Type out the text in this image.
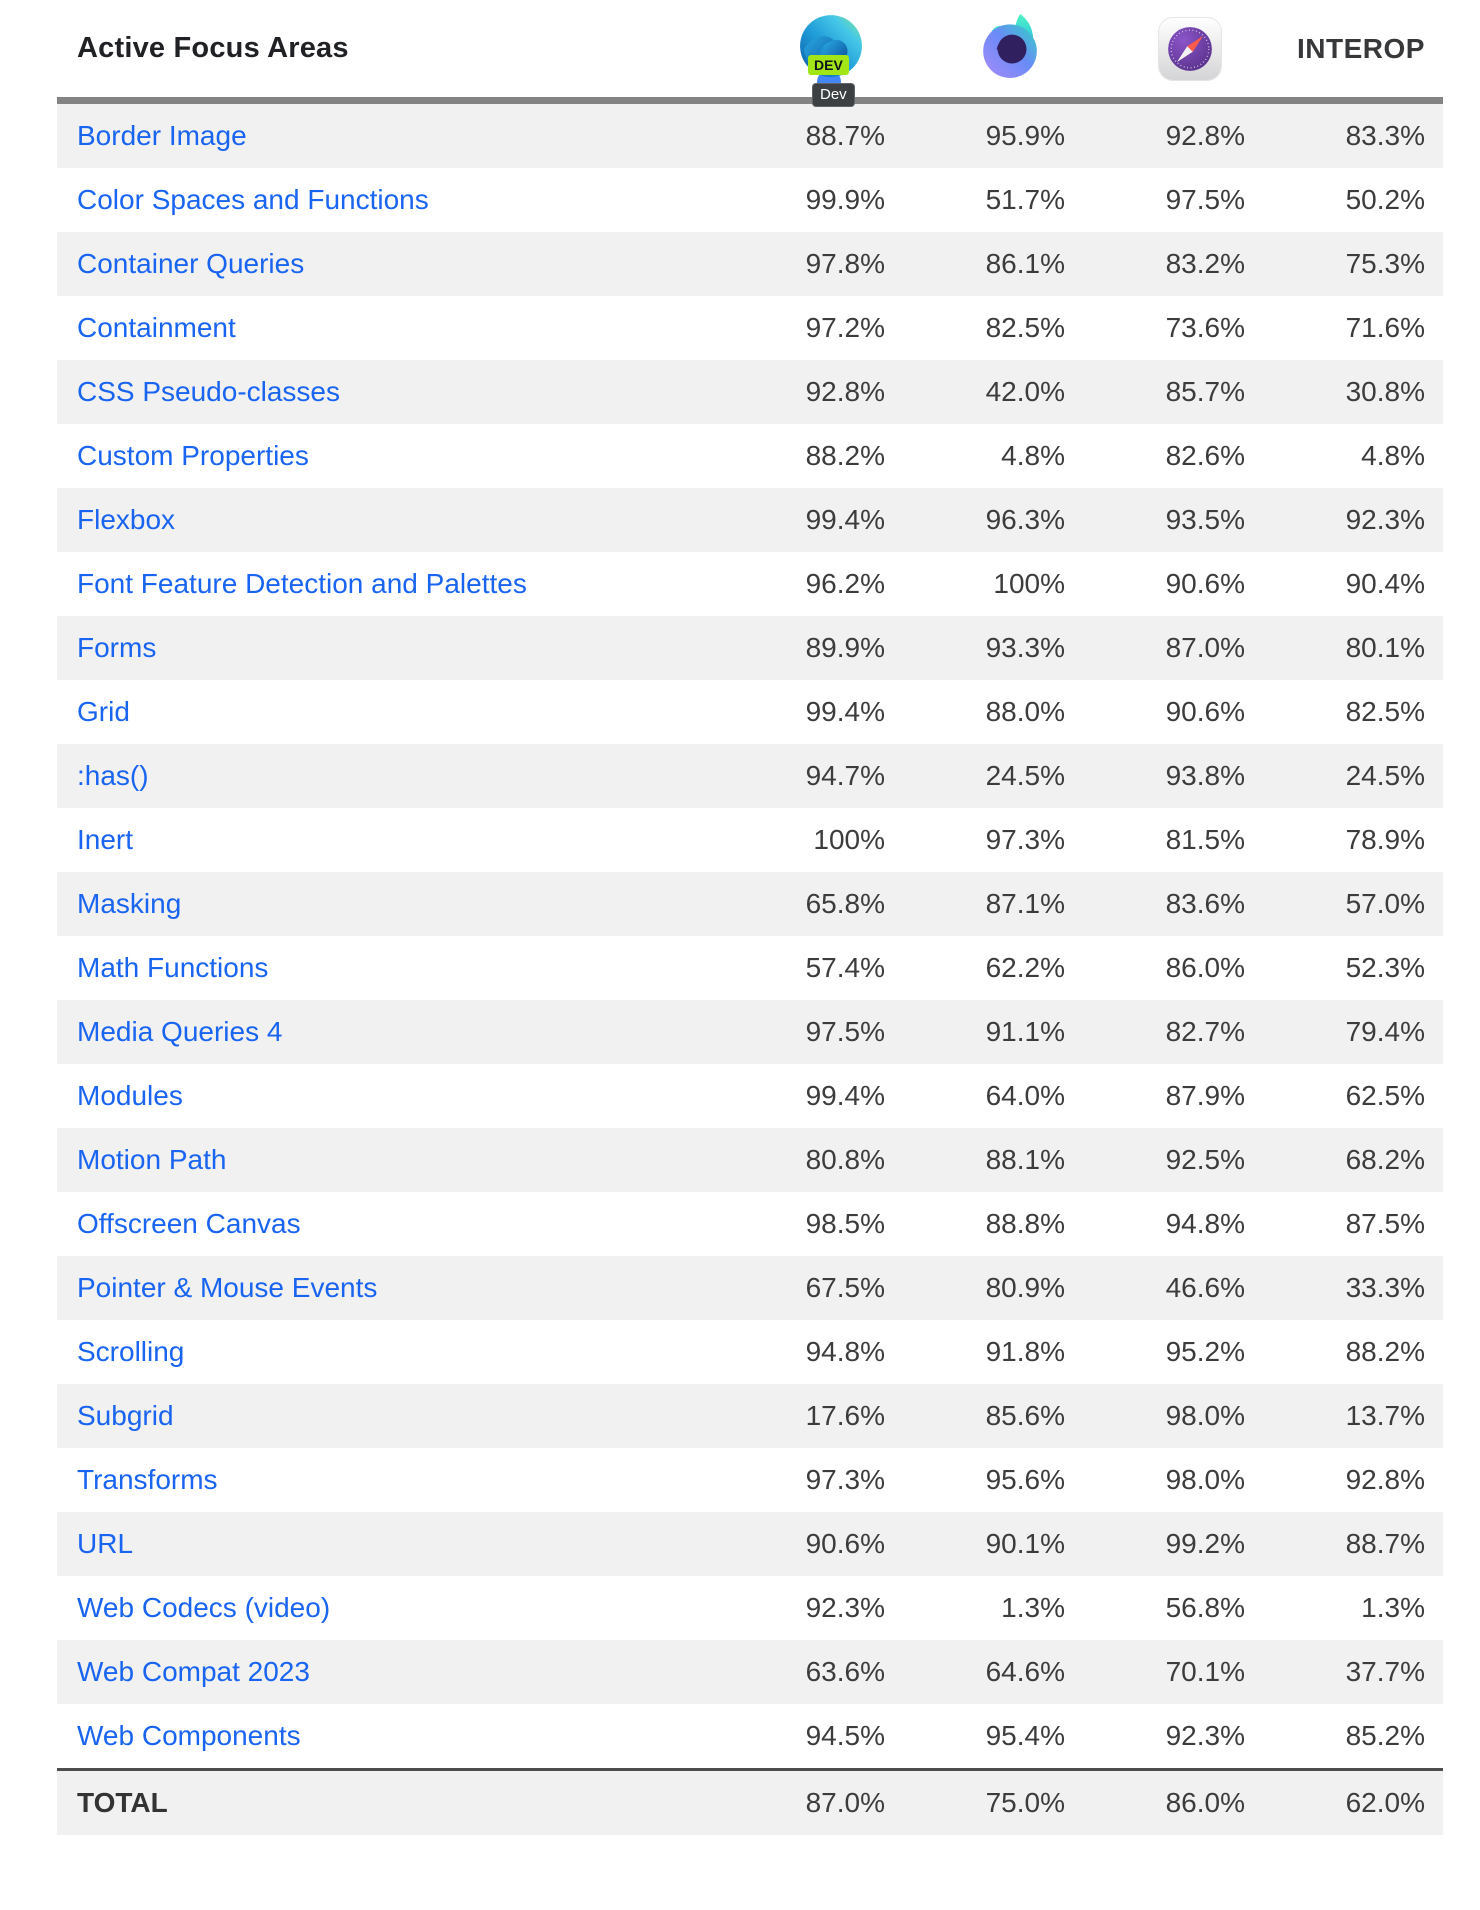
Active Focus Areas
Dev
DEV
INTEROP
Border Image	88.7%	95.9%	92.8%	83.3%
Color Spaces and Functions	99.9%	51.7%	97.5%	50.2%
Container Queries	97.8%	86.1%	83.2%	75.3%
Containment	97.2%	82.5%	73.6%	71.6%
CSS Pseudo-classes	92.8%	42.0%	85.7%	30.8%
Custom Properties	88.2%	4.8%	82.6%	4.8%
Flexbox	99.4%	96.3%	93.5%	92.3%
Font Feature Detection and Palettes	96.2%	100%	90.6%	90.4%
Forms	89.9%	93.3%	87.0%	80.1%
Grid	99.4%	88.0%	90.6%	82.5%
:has()	94.7%	24.5%	93.8%	24.5%
Inert	100%	97.3%	81.5%	78.9%
Masking	65.8%	87.1%	83.6%	57.0%
Math Functions	57.4%	62.2%	86.0%	52.3%
Media Queries 4	97.5%	91.1%	82.7%	79.4%
Modules	99.4%	64.0%	87.9%	62.5%
Motion Path	80.8%	88.1%	92.5%	68.2%
Offscreen Canvas	98.5%	88.8%	94.8%	87.5%
Pointer & Mouse Events	67.5%	80.9%	46.6%	33.3%
Scrolling	94.8%	91.8%	95.2%	88.2%
Subgrid	17.6%	85.6%	98.0%	13.7%
Transforms	97.3%	95.6%	98.0%	92.8%
URL	90.6%	90.1%	99.2%	88.7%
Web Codecs (video)	92.3%	1.3%	56.8%	1.3%
Web Compat 2023	63.6%	64.6%	70.1%	37.7%
Web Components	94.5%	95.4%	92.3%	85.2%
TOTAL	87.0%	75.0%	86.0%	62.0%
